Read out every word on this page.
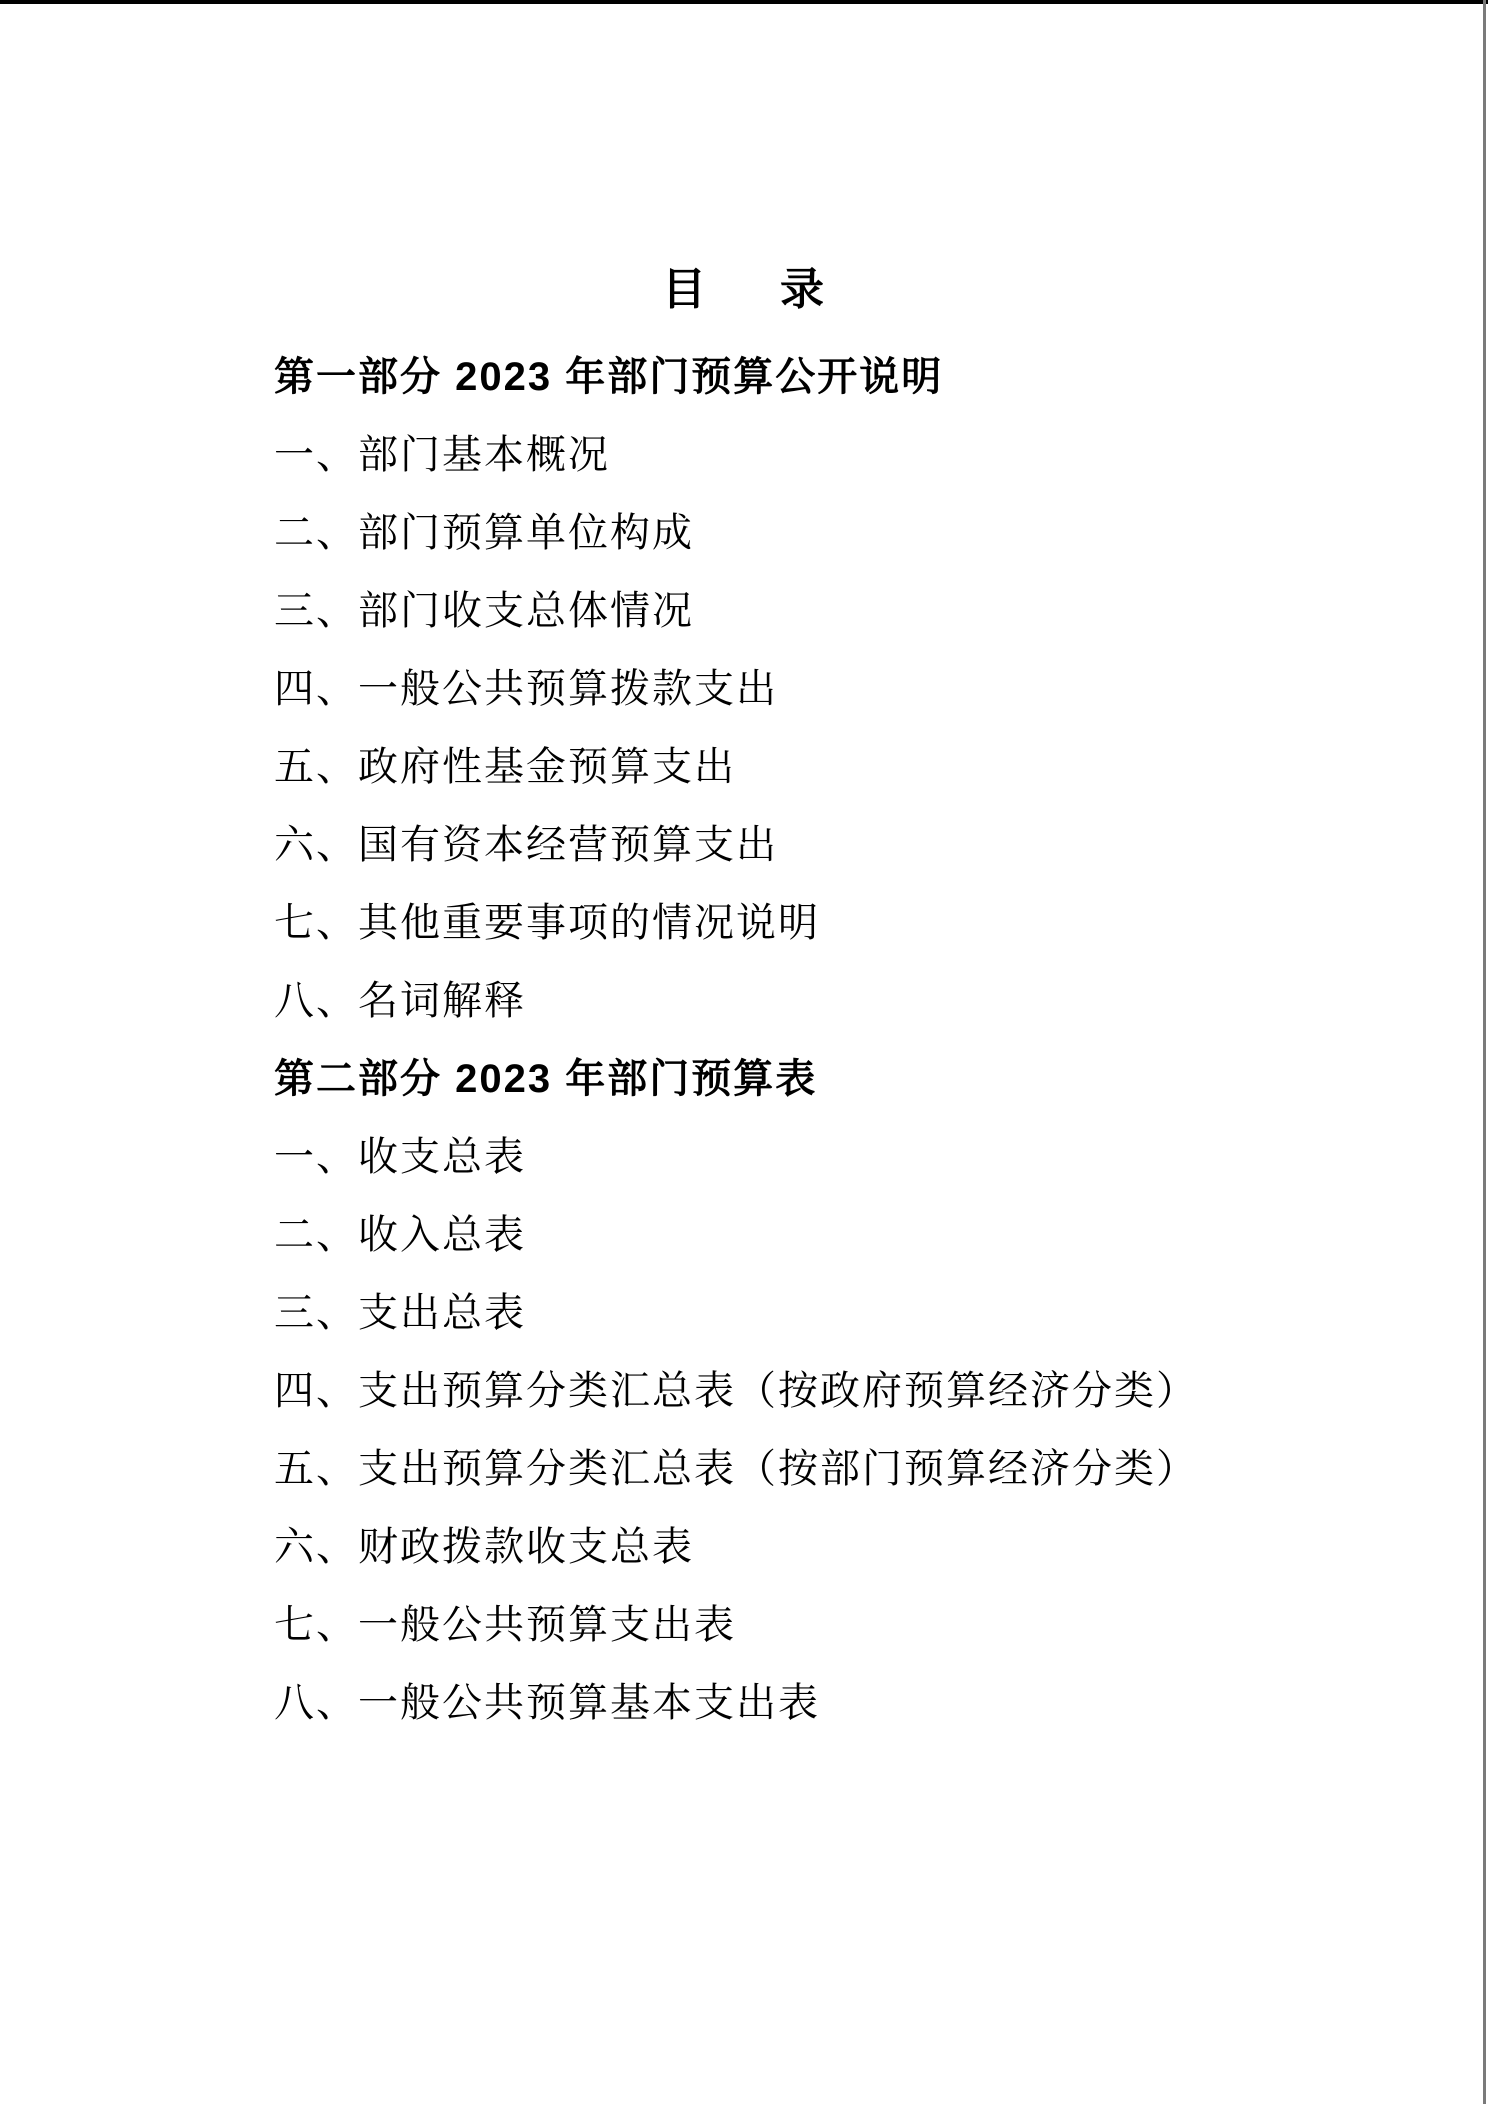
目 录
第一部分 2023 年部门预算公开说明
一、部门基本概况
二、部门预算单位构成
三、部门收支总体情况
四、一般公共预算拨款支出
五、政府性基金预算支出
六、国有资本经营预算支出
七、其他重要事项的情况说明
八、名词解释
第二部分 2023 年部门预算表
一、收支总表
二、收入总表
三、支出总表
四、支出预算分类汇总表（按政府预算经济分类）
五、支出预算分类汇总表（按部门预算经济分类）
六、财政拨款收支总表
七、一般公共预算支出表
八、一般公共预算基本支出表
